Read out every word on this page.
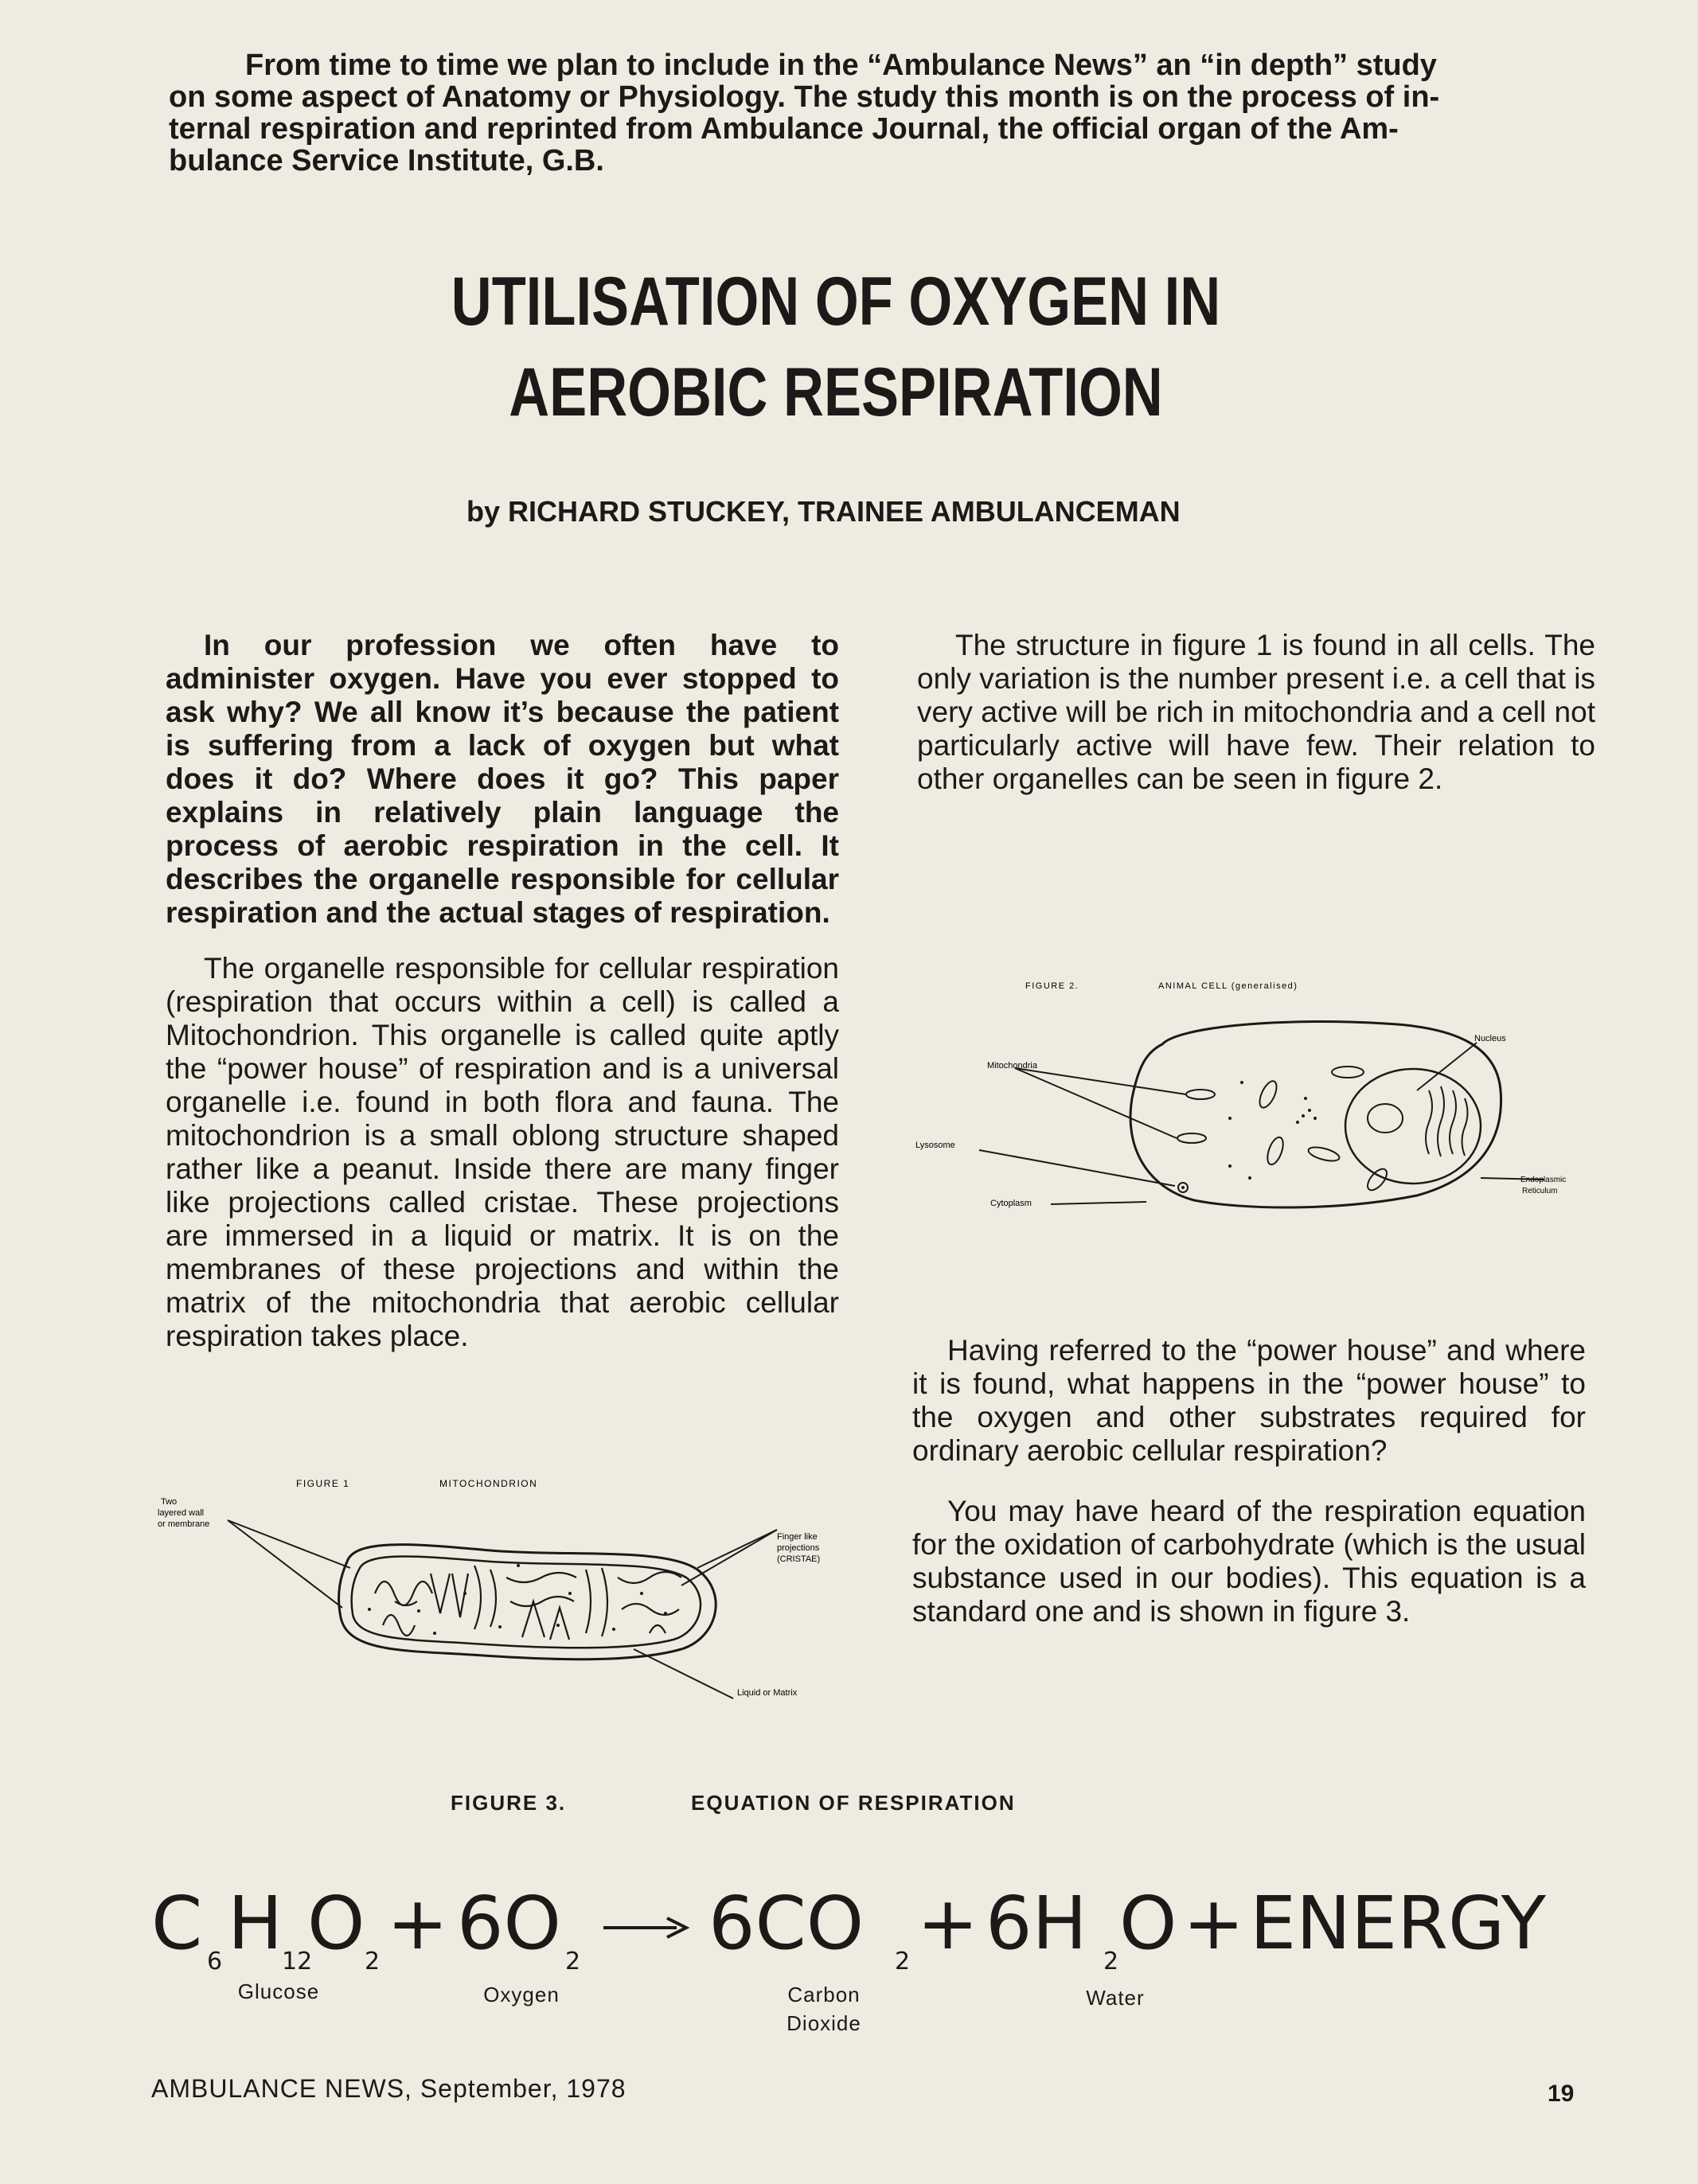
From time to time we plan to include in the “Ambulance News” an “in depth” study

on some aspect of Anatomy or Physiology. The study this month is on the process of in-

ternal respiration and reprinted from Ambulance Journal, the official organ of the Am-

bulance Service Institute, G.B.

UTILISATION OF OXYGEN IN
AEROBIC RESPIRATION
by RICHARD STUCKEY, TRAINEE AMBULANCEMAN

In our profession we often have to administer oxygen. Have you ever stopped to ask why? We all know it’s because the patient is suffering from a lack of oxygen but what does it do? Where does it go? This paper explains in relatively plain language the process of aerobic respiration in the cell. It describes the organelle responsible for cellular respiration and the actual stages of respiration.

The organelle responsible for cellular respiration (respiration that occurs within a cell) is called a Mitochondrion. This organelle is called quite aptly the “power house” of respiration and is a universal organelle i.e. found in both flora and fauna. The mitochondrion is a small oblong structure shaped rather like a peanut. Inside there are many finger like projections called cristae. These projections are immersed in a liquid or matrix. It is on the membranes of these projections and within the matrix of the mitochondria that aerobic cellular respiration takes place.

The structure in figure 1 is found in all cells. The only variation is the number present i.e. a cell that is very active will be rich in mitochondria and a cell not particularly active will have few. Their relation to other organelles can be seen in figure 2.

FIGURE 2.	ANIMAL CELL (generalised)
Mitochondria
Lysosome
Cytoplasm
Nucleus
Endoplasmic
Reticulum

Having referred to the “power house” and where it is found, what happens in the “power house” to the oxygen and other substrates required for ordinary aerobic cellular respiration?

You may have heard of the respiration equation for the oxidation of carbohydrate (which is the usual substance used in our bodies). This equation is a standard one and is shown in figure 3.

FIGURE 1	MITOCHONDRION
Two
layered wall
or membrane
Finger like
projections
(CRISTAE)
Liquid or Matrix
FIGURE 3.	EQUATION OF RESPIRATION
C 6 H
12
O 2 + 6O 2 6CO 2 + 6H 2 O + ENERGY
Glucose	Oxygen	Carbon
Dioxide
Water
AMBULANCE NEWS, September, 1978	19
